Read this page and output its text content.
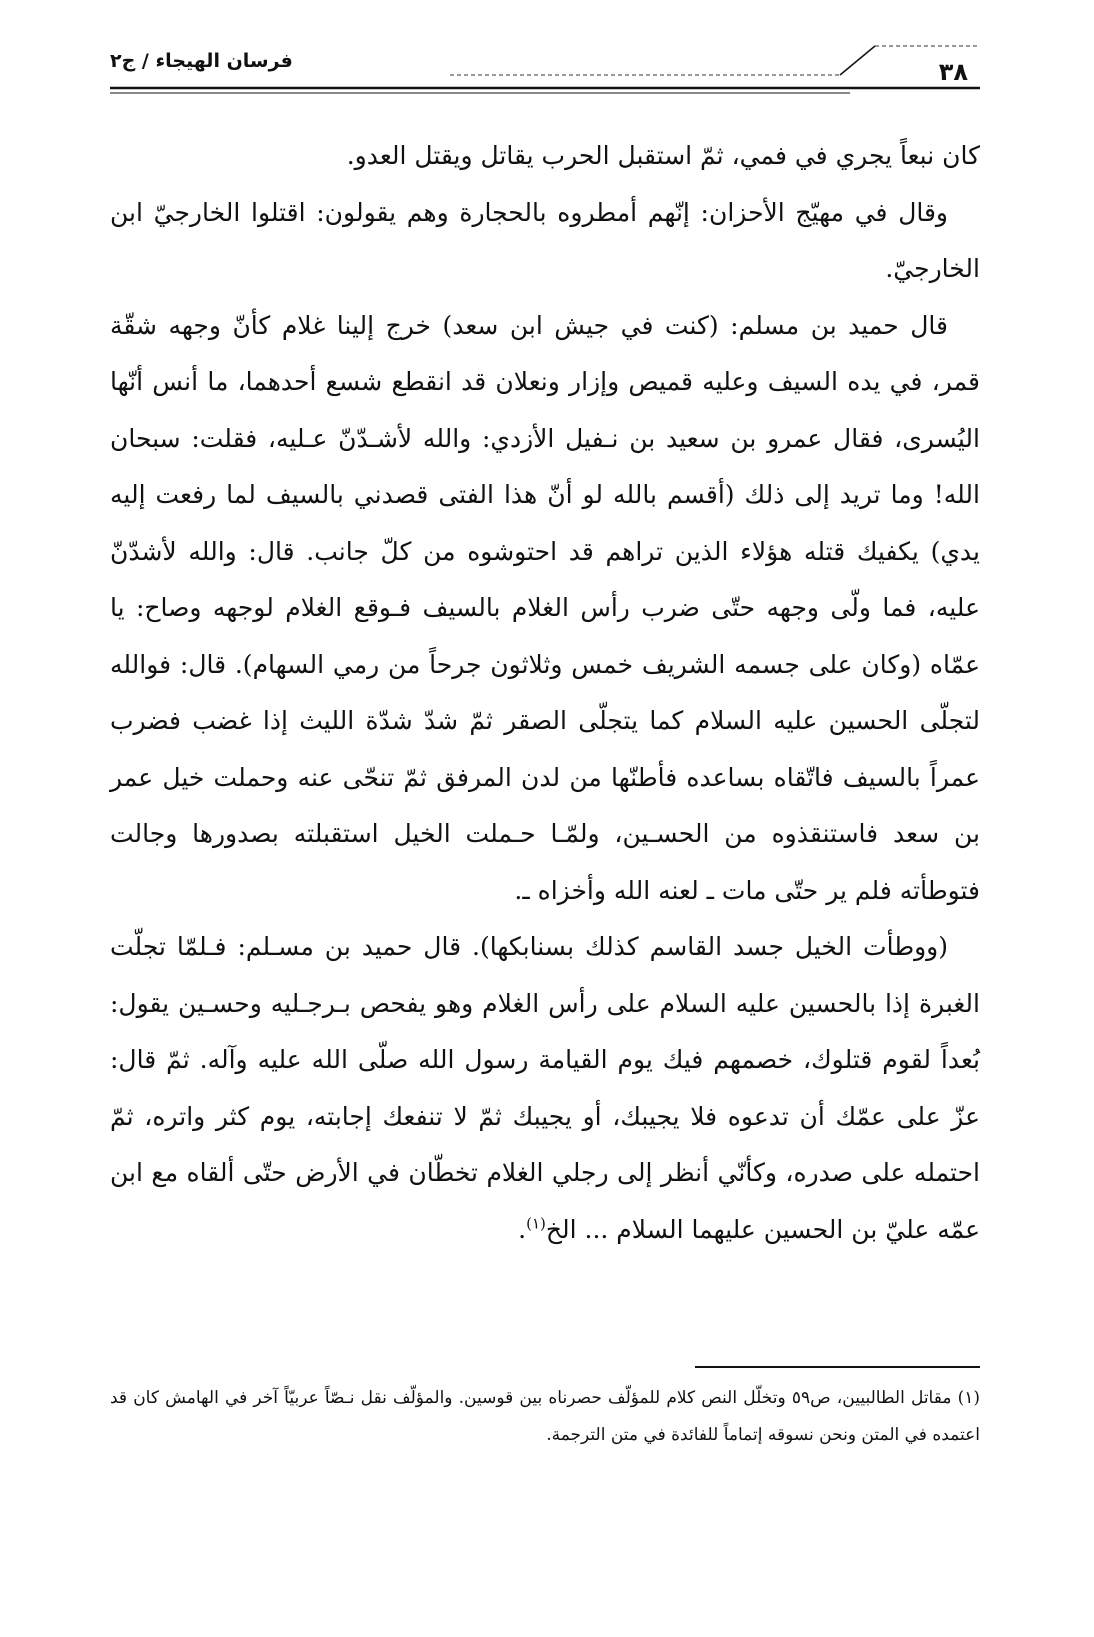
فرسان الهيجاء / ج٢	٣٨

كان نبعاً يجري في فمي، ثمّ استقبل الحرب يقاتل ويقتل العدو.

وقال في مهيّج الأحزان: إنّهم أمطروه بالحجارة وهم يقولون: اقتلوا الخارجيّ ابن الخارجيّ.

قال حميد بن مسلم: (كنت في جيش ابن سعد) خرج إلينا غلام كأنّ وجهه شقّة قمر، في يده السيف وعليه قميص وإزار ونعلان قد انقطع شسع أحدهما، ما أنس أنّها اليُسرى، فقال عمرو بن سعيد بن نـفيل الأزدي: والله لأشـدّنّ عـليه، فقلت: سبحان الله! وما تريد إلى ذلك (أقسم بالله لو أنّ هذا الفتى قصدني بالسيف لما رفعت إليه يدي) يكفيك قتله هؤلاء الذين تراهم قد احتوشوه من كلّ جانب. قال: والله لأشدّنّ عليه، فما ولّى وجهه حتّى ضرب رأس الغلام بالسيف فـوقع الغلام لوجهه وصاح: يا عمّاه (وكان على جسمه الشريف خمس وثلاثون جرحاً من رمي السهام). قال: فوالله لتجلّى الحسين عليه السلام كما يتجلّى الصقر ثمّ شدّ شدّة الليث إذا غضب فضرب عمراً بالسيف فاتّقاه بساعده فأطنّها من لدن المرفق ثمّ تنحّى عنه وحملت خيل عمر بن سعد فاستنقذوه من الحسـين، ولمّـا حـملت الخيل استقبلته بصدورها وجالت فتوطأته فلم ير حتّى مات ـ لعنه الله وأخزاه ـ.

(ووطأت الخيل جسد القاسم كذلك بسنابكها). قال حميد بن مسـلم: فـلمّا تجلّت الغبرة إذا بالحسين عليه السلام على رأس الغلام وهو يفحص بـرجـليه وحسـين يقول: بُعداً لقوم قتلوك، خصمهم فيك يوم القيامة رسول الله صلّى الله عليه وآله. ثمّ قال: عزّ على عمّك أن تدعوه فلا يجيبك، أو يجيبك ثمّ لا تنفعك إجابته، يوم كثر واتره، ثمّ احتمله على صدره، وكأنّي أنظر إلى رجلي الغلام تخطّان في الأرض حتّى ألقاه مع ابن عمّه عليّ بن الحسين عليهما السلام ... الخ$^{(١)}$.

(١) مقاتل الطالبيين، ص٥٩ وتخلّل النص كلام للمؤلّف حصرناه بين قوسين. والمؤلّف نقل نـصّاً عربيّاً آخر في الهامش كان قد اعتمده في المتن ونحن نسوقه إتماماً للفائدة في متن الترجمة.
